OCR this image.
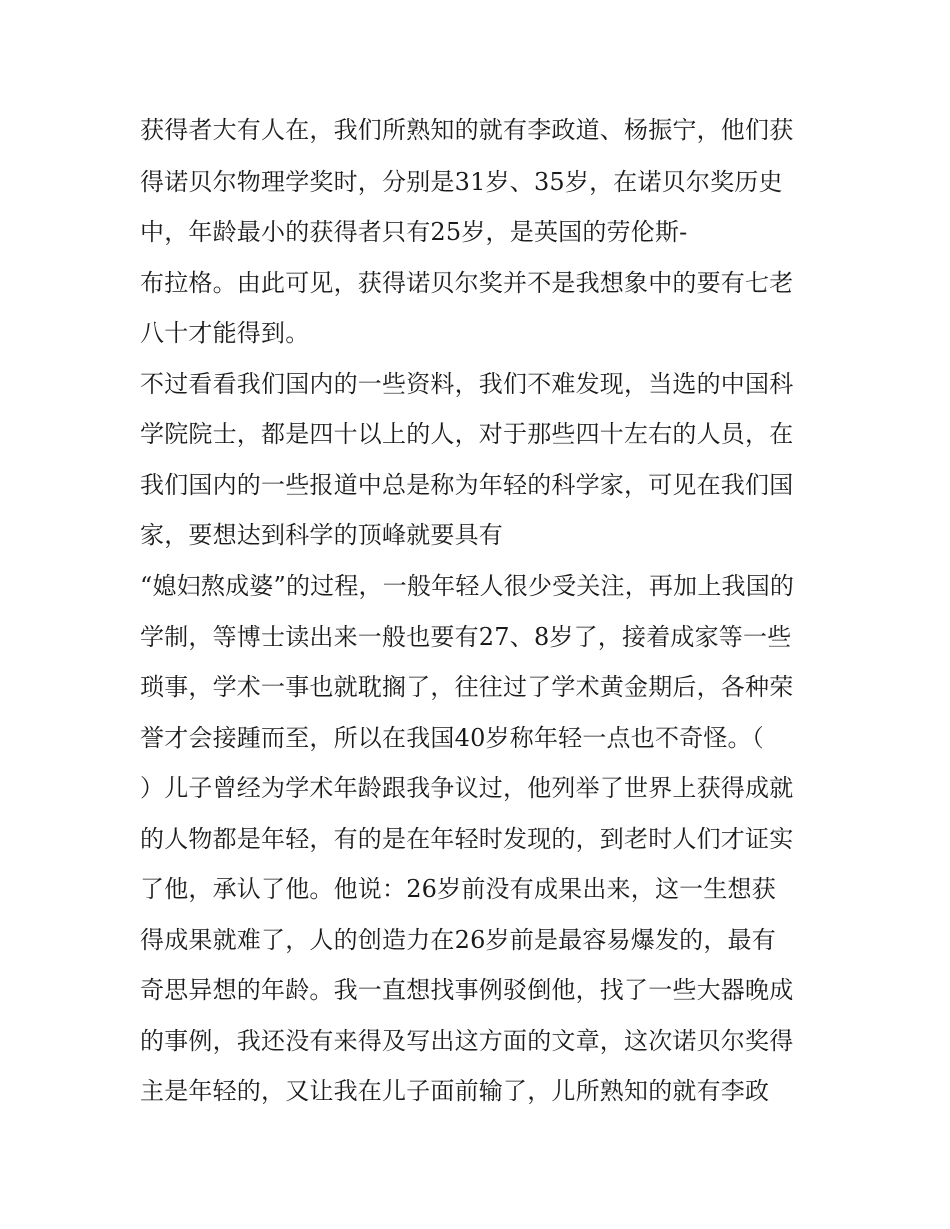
获得者大有人在，我们所熟知的就有李政道、杨振宁，他们获
得诺贝尔物理学奖时，分别是31岁、35岁，在诺贝尔奖历史
中，年龄最小的获得者只有25岁，是英国的劳伦斯-
布拉格。由此可见，获得诺贝尔奖并不是我想象中的要有七老
八十才能得到。
不过看看我们国内的一些资料，我们不难发现，当选的中国科
学院院士，都是四十以上的人，对于那些四十左右的人员，在
我们国内的一些报道中总是称为年轻的科学家，可见在我们国
家，要想达到科学的顶峰就要具有
“媳妇熬成婆”的过程，一般年轻人很少受关注，再加上我国的
学制，等博士读出来一般也要有27、8岁了，接着成家等一些
琐事，学术一事也就耽搁了，往往过了学术黄金期后，各种荣
誉才会接踵而至，所以在我国40岁称年轻一点也不奇怪。（
）儿子曾经为学术年龄跟我争议过，他列举了世界上获得成就
的人物都是年轻，有的是在年轻时发现的，到老时人们才证实
了他，承认了他。他说：26岁前没有成果出来，这一生想获
得成果就难了，人的创造力在26岁前是最容易爆发的，最有
奇思异想的年龄。我一直想找事例驳倒他，找了一些大器晚成
的事例，我还没有来得及写出这方面的文章，这次诺贝尔奖得
主是年轻的，又让我在儿子面前输了，儿所熟知的就有李政
